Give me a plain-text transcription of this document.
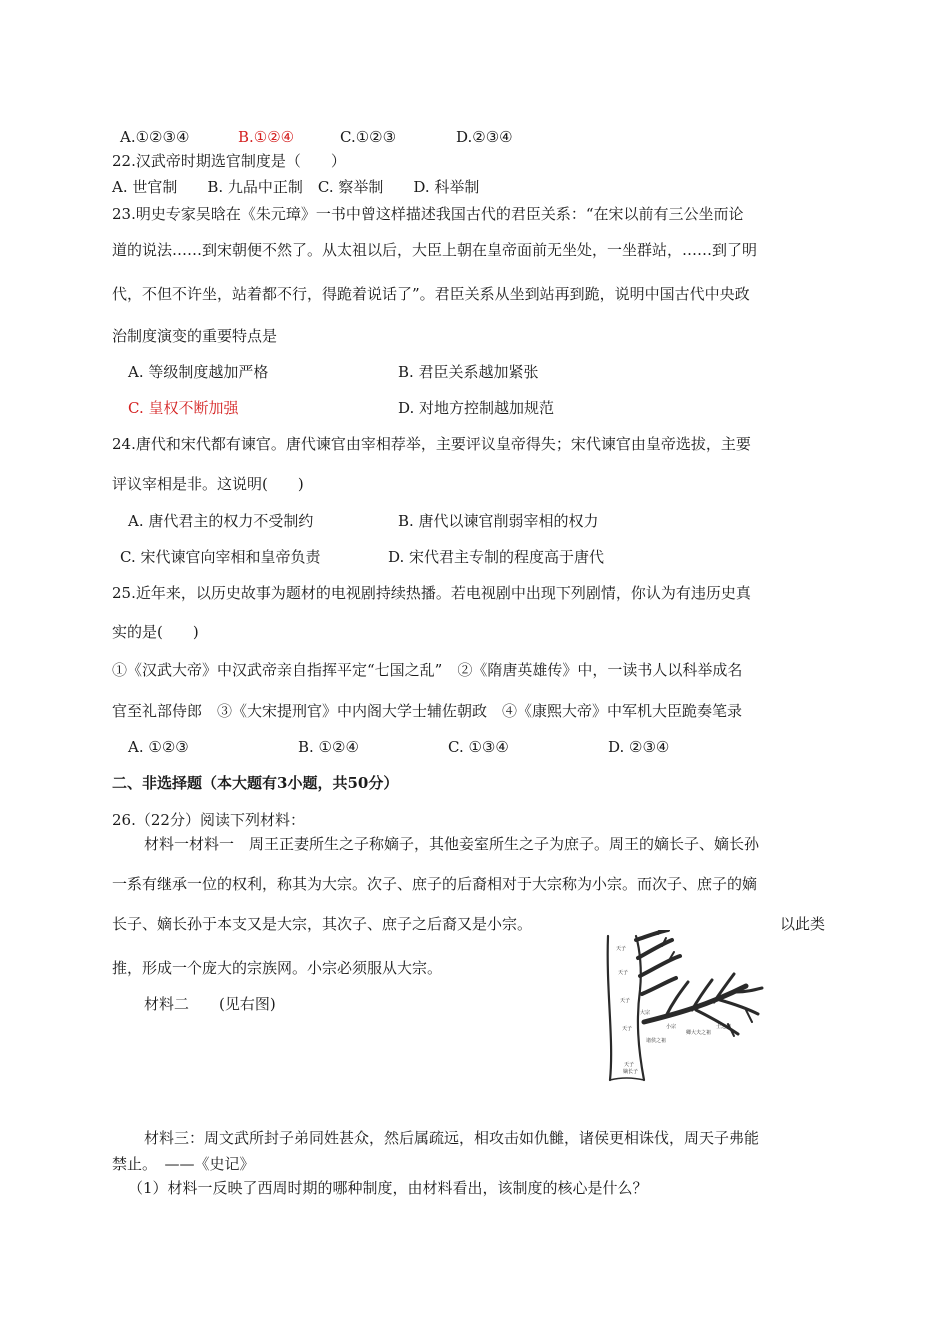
A.①②③④	B.①②④	C.①②③	D.②③④
22.汉武帝时期选官制度是（　　）
A. 世官制　　B. 九品中正制　C. 察举制　　D. 科举制
23.明史专家吴晗在《朱元璋》一书中曾这样描述我国古代的君臣关系：“在宋以前有三公坐而论
道的说法……到宋朝便不然了。从太祖以后，大臣上朝在皇帝面前无坐处，一坐群站，……到了明
代，不但不许坐，站着都不行，得跪着说话了”。君臣关系从坐到站再到跪，说明中国古代中央政
治制度演变的重要特点是
A. 等级制度越加严格	B. 君臣关系越加紧张
C. 皇权不断加强	D. 对地方控制越加规范
24.唐代和宋代都有谏官。唐代谏官由宰相荐举，主要评议皇帝得失；宋代谏官由皇帝选拔，主要
评议宰相是非。这说明(　　)
A. 唐代君主的权力不受制约	B. 唐代以谏官削弱宰相的权力
C. 宋代谏官向宰相和皇帝负责	D. 宋代君主专制的程度高于唐代
25.近年来，以历史故事为题材的电视剧持续热播。若电视剧中出现下列剧情，你认为有违历史真
实的是(　　)
①《汉武大帝》中汉武帝亲自指挥平定“七国之乱”　②《隋唐英雄传》中，一读书人以科举成名
官至礼部侍郎　③《大宋提刑官》中内阁大学士辅佐朝政　④《康熙大帝》中军机大臣跪奏笔录
A. ①②③	B. ①②④	C. ①③④	D. ②③④
二、非选择题（本大题有3小题，共50分）
26.（22分）阅读下列材料：
材料一材料一　周王正妻所生之子称嫡子，其他妾室所生之子为庶子。周王的嫡长子、嫡长孙
一系有继承一位的权利，称其为大宗。次子、庶子的后裔相对于大宗称为小宗。而次子、庶子的嫡
长子、嫡长孙于本支又是大宗，其次子、庶子之后裔又是小宗。	以此类
推，形成一个庞大的宗族网。小宗必须服从大宗。
材料二　　(见右图)
天子
天子
天子
天子
天子
嫡长子
大宗
小宗
诸侯之祖
卿大夫之祖
士之祖
材料三：周文武所封子弟同姓甚众，然后属疏远，相攻击如仇雠，诸侯更相诛伐，周天子弗能
禁止。　——《史记》
（1）材料一反映了西周时期的哪种制度，由材料看出，该制度的核心是什么？
